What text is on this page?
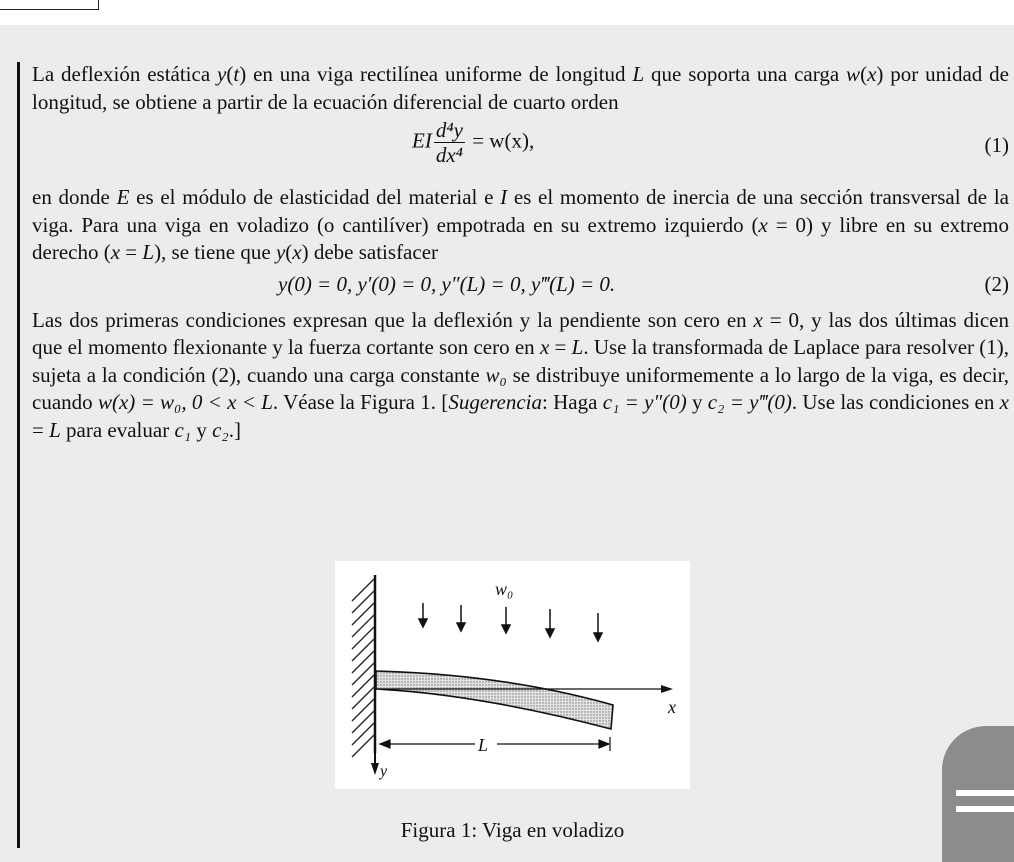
La deflexión estática y(t) en una viga rectilínea uniforme de longitud L que soporta una carga w(x) por unidad de longitud, se obtiene a partir de la ecuación diferencial de cuarto orden

EI $\frac{\text{d⁴y}}{\text{dx⁴}} = w(x)$,	(1)

en donde E es el módulo de elasticidad del material e I es el momento de inercia de una sección transversal de la viga. Para una viga en voladizo (o cantilíver) empotrada en su extremo izquierdo (x = 0) y libre en su extremo derecho (x = L), se tiene que y(x) debe satisfacer

y(0) = 0, y′(0) = 0, y″(L) = 0, y‴(L) = 0.	(2)

Las dos primeras condiciones expresan que la deflexión y la pendiente son cero en x = 0, y las dos últimas dicen que el momento flexionante y la fuerza cortante son cero en x = L. Use la transformada de Laplace para resolver (1), sujeta a la condición (2), cuando una carga constante w₀ se distribuye uniformemente a lo largo de la viga, es decir, cuando w(x) = w₀, 0 < x < L. Véase la Figura 1. [Sugerencia: Haga c₁ = y″(0) y c₂ = y‴(0). Use las condiciones en x = L para evaluar c₁ y c₂.]

w₀
x
y
L
Figura 1: Viga en voladizo
